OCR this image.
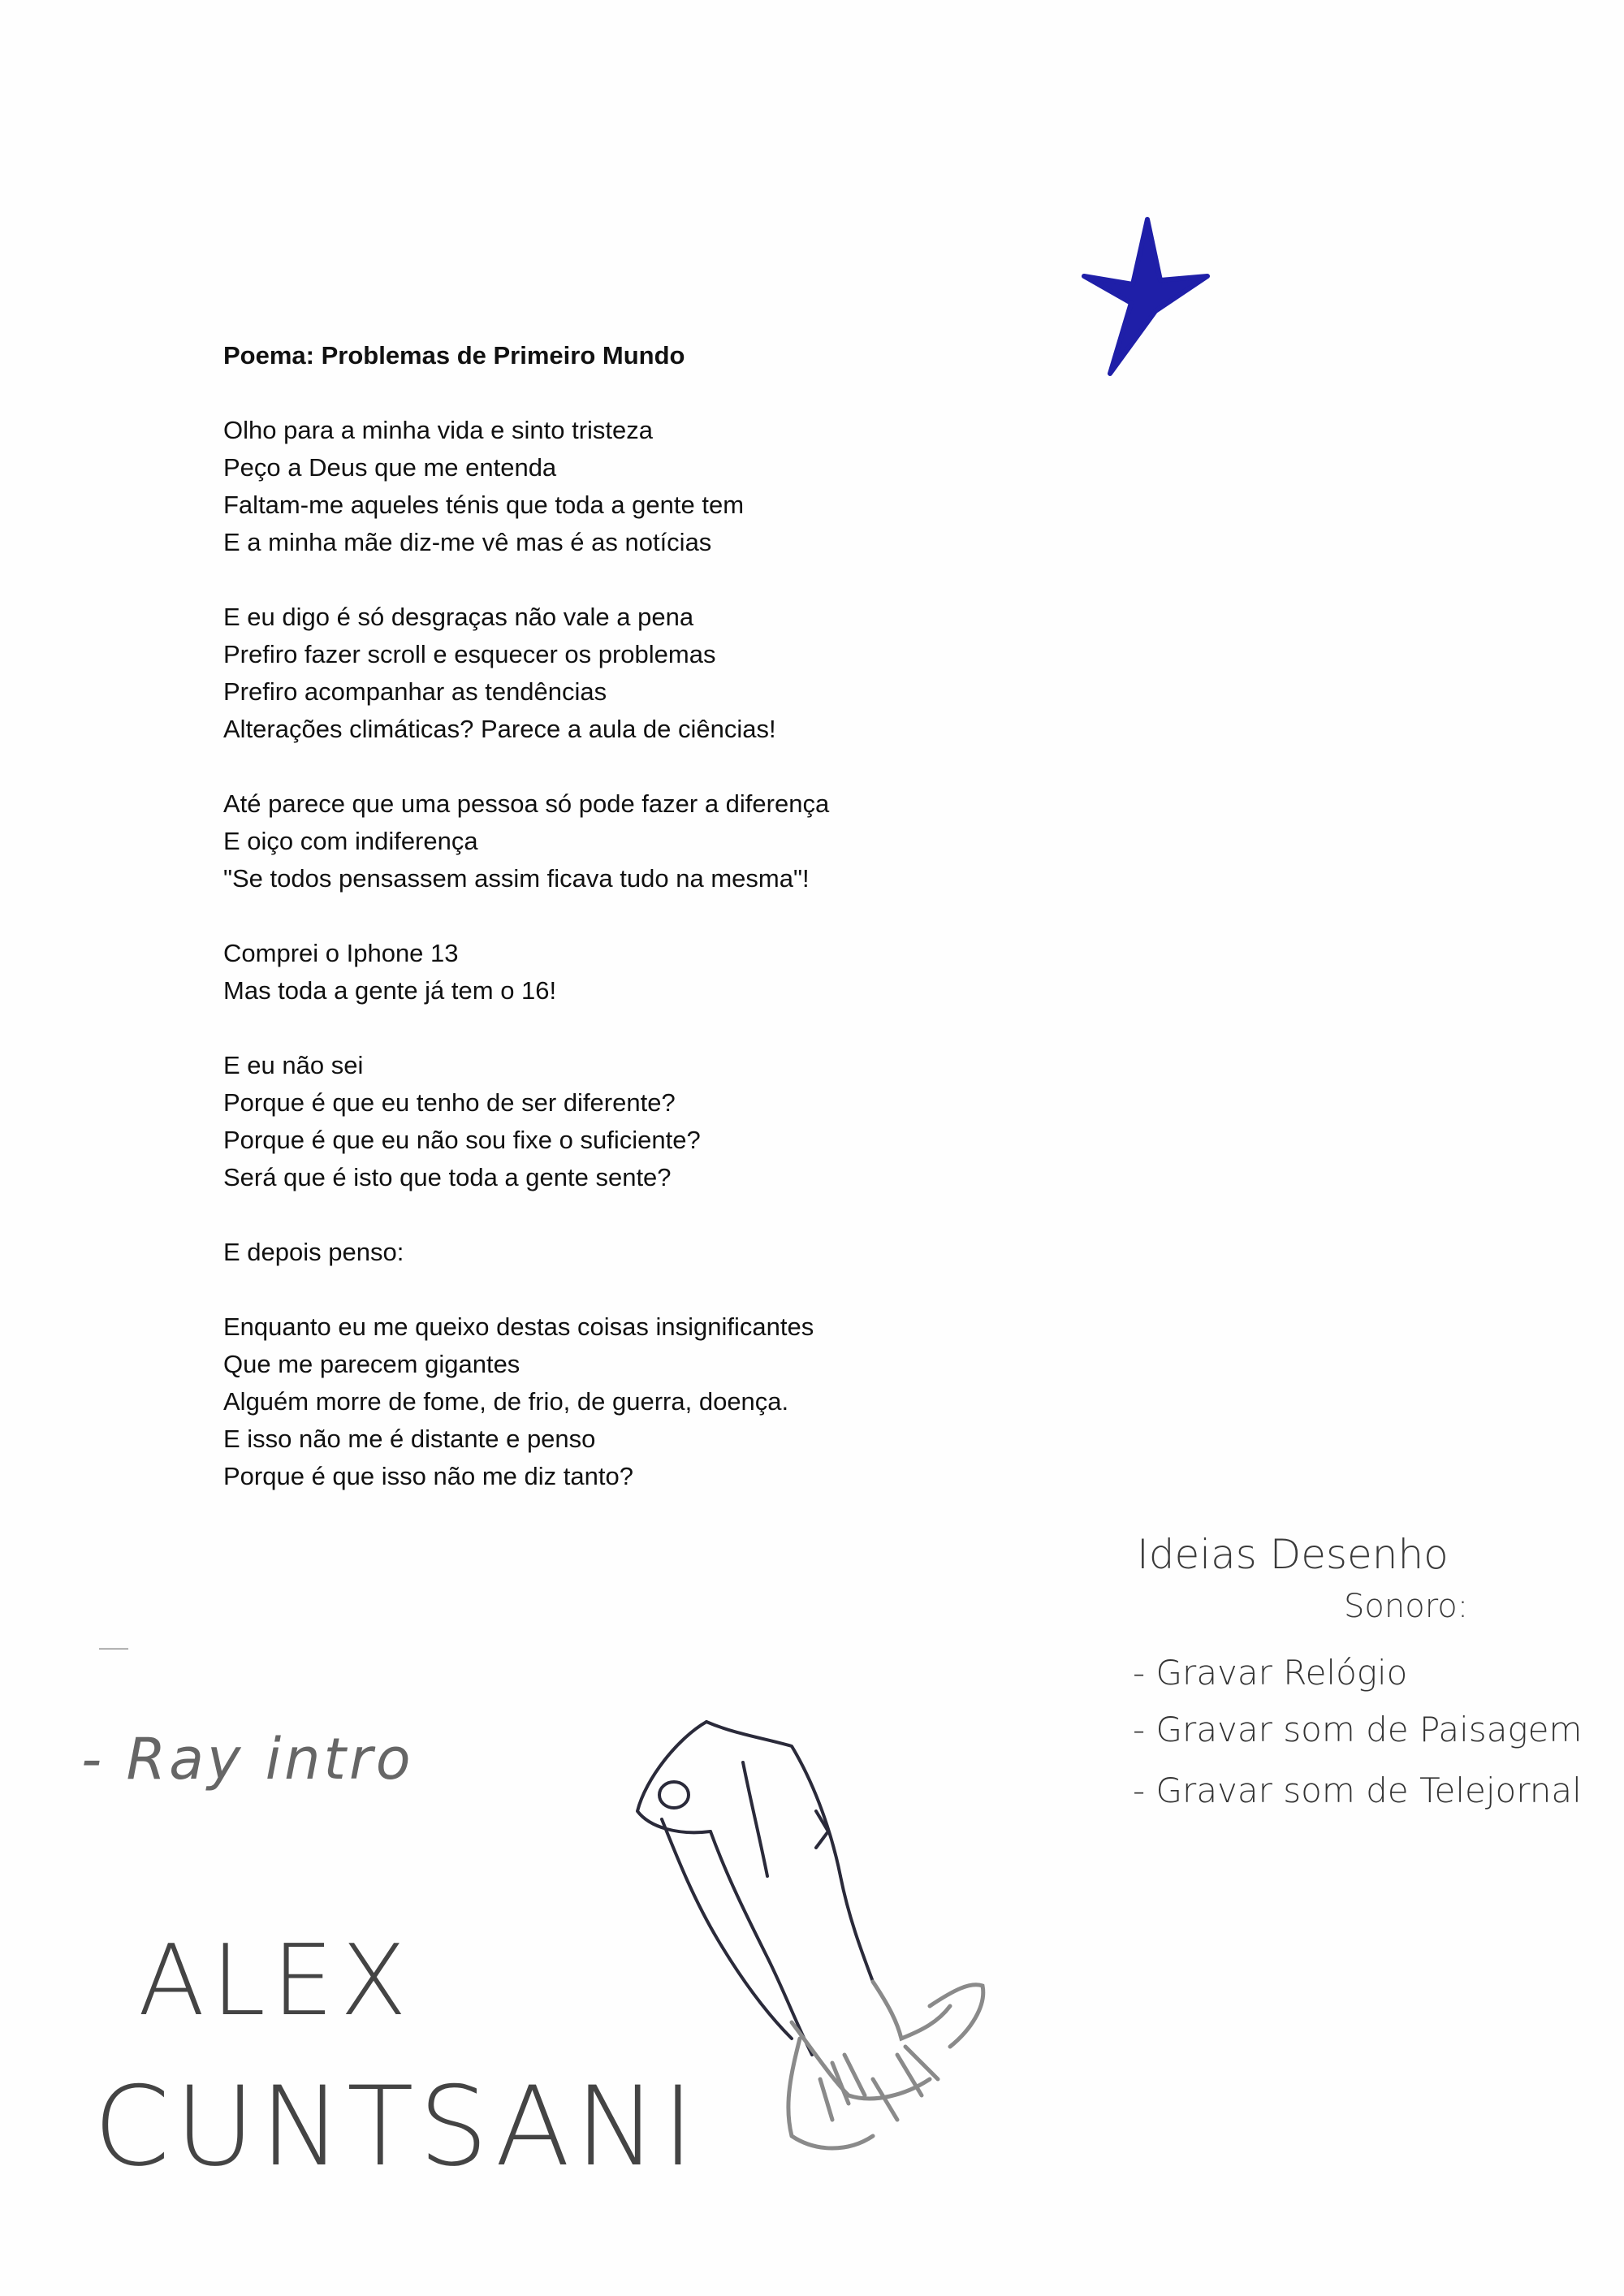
Poema: Problemas de Primeiro Mundo
Olho para a minha vida e sinto tristeza
Peço a Deus que me entenda
Faltam-me aqueles ténis que toda a gente tem
E a minha mãe diz-me vê mas é as notícias
E eu digo é só desgraças não vale a pena
Prefiro fazer scroll e esquecer os problemas
Prefiro acompanhar as tendências
Alterações climáticas? Parece a aula de ciências!
Até parece que uma pessoa só pode fazer a diferença
E oiço com indiferença
"Se todos pensassem assim ficava tudo na mesma"!
Comprei o Iphone 13
Mas toda a gente já tem o 16!
E eu não sei
Porque é que eu tenho de ser diferente?
Porque é que eu não sou fixe o suficiente?
Será que é isto que toda a gente sente?
E depois penso:
Enquanto eu me queixo destas coisas insignificantes
Que me parecem gigantes
Alguém morre de fome, de frio, de guerra, doença.
E isso não me é distante e penso
Porque é que isso não me diz tanto?
Ideias Desenho
Sonoro:
- Gravar Relógio
- Gravar som de Paisagem
- Gravar som de Telejornal
—
- Ray intro
ALEX
CUNTSANI
